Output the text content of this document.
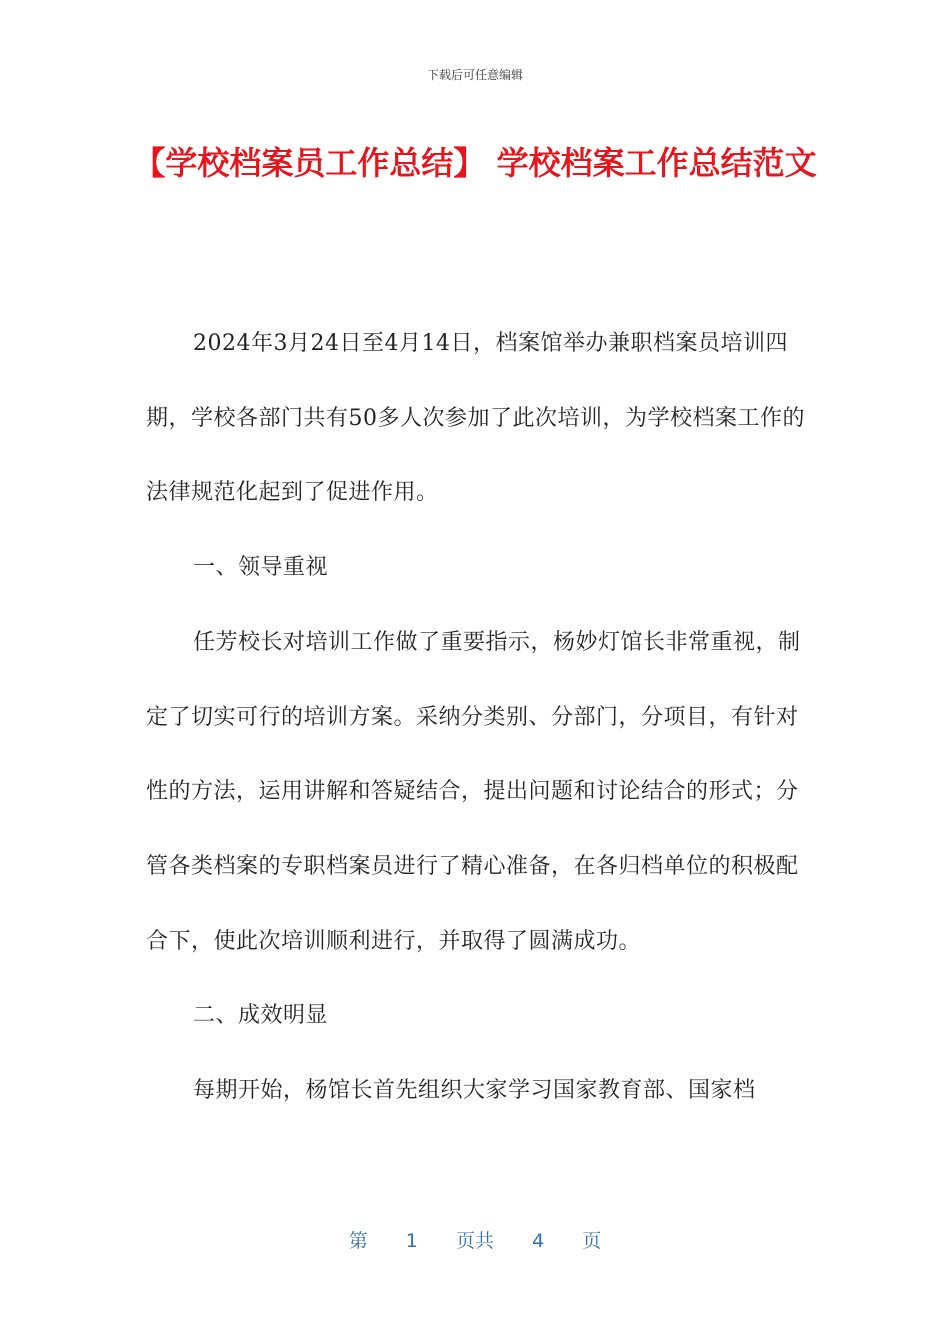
下载后可任意编辑
【学校档案员工作总结】 学校档案工作总结范文

2024年3月24日至4月14日，档案馆举办兼职档案员培训四期，学校各部门共有50多人次参加了此次培训，为学校档案工作的法律规范化起到了促进作用。

一、领导重视

任芳校长对培训工作做了重要指示，杨妙灯馆长非常重视，制定了切实可行的培训方案。采纳分类别、分部门，分项目，有针对性的方法，运用讲解和答疑结合，提出问题和讨论结合的形式；分管各类档案的专职档案员进行了精心准备，在各归档单位的积极配合下，使此次培训顺利进行，并取得了圆满成功。

二、成效明显

每期开始，杨馆长首先组织大家学习国家教育部、国家档

第 1 页共 4 页
